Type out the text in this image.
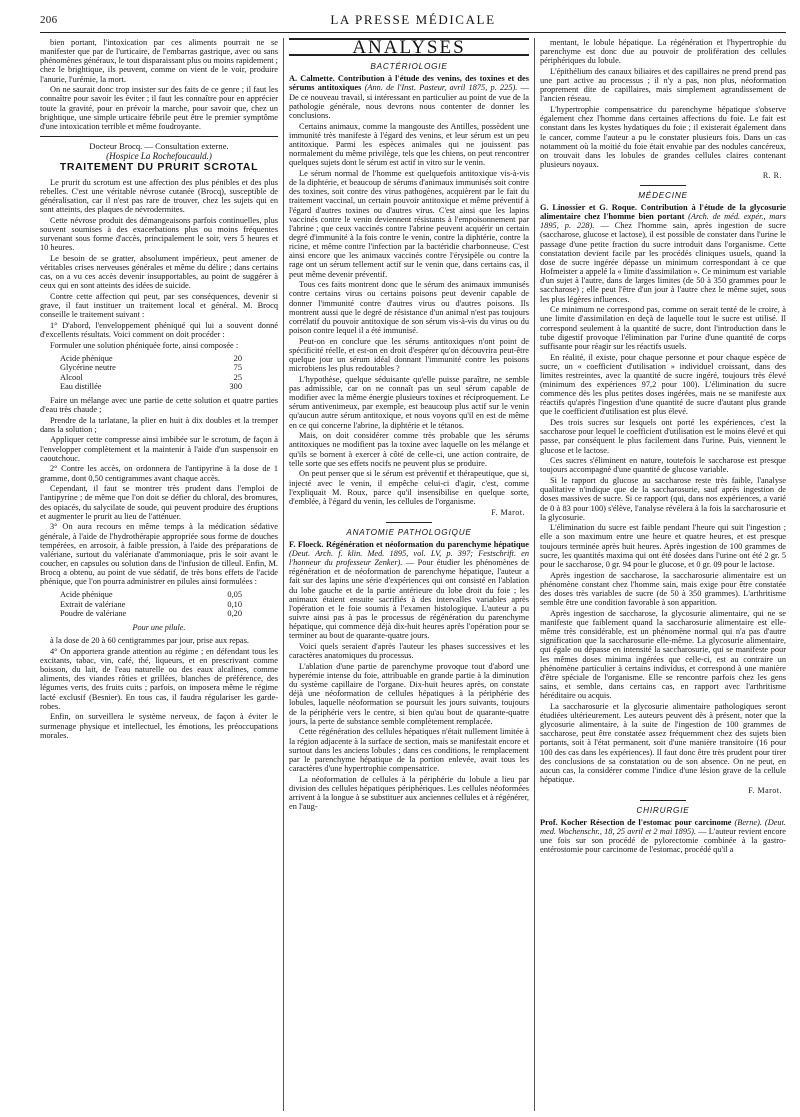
206	LA PRESSE MÉDICALE

bien portant, l'intoxication par ces aliments pourrait ne se manifester que par de l'urticaire, de l'embarras gastrique, avec ou sans phénomènes généraux, le tout disparaissant plus ou moins rapidement ; chez le brightique, ils peuvent, comme on vient de le voir, produire l'anurie, l'urémie, la mort.

On ne saurait donc trop insister sur des faits de ce genre ; il faut les connaître pour savoir les éviter ; il faut les connaître pour en apprécier toute la gravité, pour en prévoir la marche, pour savoir que, chez un brightique, une simple urticaire fébrile peut être le premier symptôme d'une intoxication terrible et même foudroyante.

Docteur Brocq. — Consultation externe.
(Hospice La Rochefoucauld.)
TRAITEMENT DU PRURIT SCROTAL

Le prurit du scrotum est une affection des plus pénibles et des plus rebelles. C'est une véritable névrose cutanée (Brocq), susceptible de généralisation, car il n'est pas rare de trouver, chez les sujets qui en sont atteints, des plaques de névrodermites.

Cette névrose produit des démangeaisons parfois continuelles, plus souvent soumises à des exacerbations plus ou moins fréquentes survenant sous forme d'accès, principalement le soir, vers 5 heures et 10 heures.

Le besoin de se gratter, absolument impérieux, peut amener de véritables crises nerveuses générales et même du délire ; dans certains cas, on a vu ces accès devenir insupportables, au point de suggérer à ceux qui en sont atteints des idées de suicide.

Contre cette affection qui peut, par ses conséquences, devenir si grave, il faut instituer un traitement local et général. M. Brocq conseille le traitement suivant :

1° D'abord, l'enveloppement phéniqué qui lui a souvent donné d'excellents résultats. Voici comment on doit procéder :

Formuler une solution phéniquée forte, ainsi composée :

Acide phénique	20
Glycérine neutre	75
Alcool	25
Eau distillée	300

Faire un mélange avec une partie de cette solution et quatre parties d'eau très chaude ;

Prendre de la tarlatane, la plier en huit à dix doubles et la tremper dans la solution ;

Appliquer cette compresse ainsi imbibée sur le scrotum, de façon à l'envelopper complètement et la maintenir à l'aide d'un suspensoir en caoutchouc.

2° Contre les accès, on ordonnera de l'antipyrine à la dose de 1 gramme, dont 0,50 centigrammes avant chaque accès.

Cependant, il faut se montrer très prudent dans l'emploi de l'antipyrine ; de même que l'on doit se défier du chloral, des bromures, des opiacés, du salycilate de soude, qui peuvent produire des éruptions et augmenter le prurit au lieu de l'atténuer.

3° On aura recours en même temps à la médication sédative générale, à l'aide de l'hydrothérapie appropriée sous forme de douches tempérées, en arrosoir, à faible pression, à l'aide des préparations de valériane, surtout du valérianate d'ammoniaque, pris le soir avant le coucher, en capsules ou solution dans de l'infusion de tilleul. Enfin, M. Brocq a obtenu, au point de vue sédatif, de très bons effets de l'acide phénique, que l'on pourra administrer en pilules ainsi formulées :

Acide phénique	0,05
Extrait de valériane	0,10
Poudre de valériane	0,20
Pour une pilule.

à la dose de 20 à 60 centigrammes par jour, prise aux repas.

4° On apportera grande attention au régime ; en défendant tous les excitants, tabac, vin, café, thé, liqueurs, et en prescrivant comme boisson, du lait, de l'eau naturelle ou des eaux alcalines, comme aliments, des viandes rôties et grillées, blanches de préférence, des légumes verts, des fruits cuits ; parfois, on imposera même le régime lacté exclusif (Besnier). En tous cas, il faudra régulariser les garde-robes.

Enfin, on surveillera le système nerveux, de façon à éviter le surmenage physique et intellectuel, les émotions, les préoccupations morales.

ANALYSES
BACTÉRIOLOGIE

A. Calmette. Contribution à l'étude des venins, des toxines et des sérums antitoxiques (Ann. de l'Inst. Pasteur, avril 1875, p. 225). — De ce nouveau travail, si intéressant en particulier au point de vue de la pathologie générale, nous devrons nous contenter de donner les conclusions.

Certains animaux, comme la mangouste des Antilles, possèdent une immunité très manifeste à l'égard des venins, et leur sérum est un peu antitoxique. Parmi les espèces animales qui ne jouissent pas normalement du même privilège, tels que les chiens, on peut rencontrer quelques sujets dont le sérum est actif in vitro sur le venin.

Le sérum normal de l'homme est quelquefois antitoxique vis-à-vis de la diphtérie, et beaucoup de sérums d'animaux immunisés soit contre des toxines, soit contre des virus pathogènes, acquièrent par le fait du traitement vaccinal, un certain pouvoir antitoxique et même préventif à l'égard d'autres toxines ou d'autres virus. C'est ainsi que les lapins vaccinés contre le venin deviennent résistants à l'empoisonnement par l'abrine ; que ceux vaccinés contre l'abrine peuvent acquérir un certain degré d'immunité à la fois contre le venin, contre la diphtérie, contre la ricine, et même contre l'infection par la bactéridie charbonneuse. C'est ainsi encore que les animaux vaccinés contre l'érysipèle ou contre la rage ont un sérum tellement actif sur le venin que, dans certains cas, il peut même devenir préventif.

Tous ces faits montrent donc que le sérum des animaux immunisés contre certains virus ou certains poisons peut devenir capable de donner l'immunité contre d'autres virus ou d'autres poisons. Ils montrent aussi que le degré de résistance d'un animal n'est pas toujours corrélatif du pouvoir antitoxique de son sérum vis-à-vis du virus ou du poison contre lequel il a été immunisé.

Peut-on en conclure que les sérums antitoxiques n'ont point de spécificité réelle, et est-on en droit d'espérer qu'on découvrira peut-être quelque jour un sérum idéal donnant l'immunité contre les poisons microbiens les plus redoutables ?

L'hypothèse, quelque séduisante qu'elle puisse paraître, ne semble pas admissible, car on ne connaît pas un seul sérum capable de modifier avec la même énergie plusieurs toxines et réciproquement. Le sérum antivenimeux, par exemple, est beaucoup plus actif sur le venin qu'aucun autre sérum antitoxique, et nous voyons qu'il en est de même en ce qui concerne l'abrine, la diphtérie et le tétanos.

Mais, on doit considérer comme très probable que les sérums antitoxiques ne modifient pas la toxine avec laquelle on les mélange et qu'ils se bornent à exercer à côté de celle-ci, une action contraire, de telle sorte que ses effets nocifs ne peuvent plus se produire.

On peut penser que si le sérum est préventif et thérapeutique, que si, injecté avec le venin, il empêche celui-ci d'agir, c'est, comme l'expliquait M. Roux, parce qu'il insensibilise en quelque sorte, d'emblée, à l'égard du venin, les cellules de l'organisme.

F. Marot.
ANATOMIE PATHOLOGIQUE

F. Floeck. Régénération et néoformation du parenchyme hépatique (Deut. Arch. f. klin. Med. 1895, vol. LV, p. 397; Festschrift. en l'honneur du professeur Zenker). — Pour étudier les phénomènes de régénération et de néoformation de parenchyme hépatique, l'auteur a fait sur des lapins une série d'expériences qui ont consisté en l'ablation du lobe gauche et de la partie antérieure du lobe droit du foie ; les animaux étaient ensuite sacrifiés à des intervalles variables après l'opération et le foie soumis à l'examen histologique. L'auteur a pu suivre ainsi pas à pas le processus de régénération du parenchyme hépatique, qui commence déjà dix-huit heures après l'opération pour se terminer au bout de quarante-quatre jours.

Voici quels seraient d'après l'auteur les phases successives et les caractères anatomiques du processus.

L'ablation d'une partie de parenchyme provoque tout d'abord une hyperémie intense du foie, attribuable en grande partie à la diminution du système capillaire de l'organe. Dix-huit heures après, on constate déjà une néoformation de cellules hépatiques à la périphérie des lobules, laquelle néoformation se poursuit les jours suivants, toujours de la périphérie vers le centre, si bien qu'au bout de quarante-quatre jours, la perte de substance semble complètement remplacée.

Cette régénération des cellules hépatiques n'était nullement limitée à la région adjacente à la surface de section, mais se manifestait encore et surtout dans les anciens lobules ; dans ces conditions, le remplacement par le parenchyme hépatique de la portion enlevée, avait tous les caractères d'une hypertrophie compensatrice.

La néoformation de cellules à la périphérie du lobule a lieu par division des cellules hépatiques périphériques. Les cellules néoformées arrivent à la longue à se substituer aux anciennes cellules et à régénérer, en l'aug-

mentant, le lobule hépatique. La régénération et l'hypertrophie du parenchyme est donc due au pouvoir de prolifération des cellules périphériques du lobule.

L'épithélium des canaux biliaires et des capillaires ne prend prend pas une part active au processus ; il n'y a pas, non plus, néoformation proprement dite de capillaires, mais simplement agrandissement de l'ancien réseau.

L'hypertrophie compensatrice du parenchyme hépatique s'observe également chez l'homme dans certaines affections du foie. Le fait est constant dans les kystes hydatiques du foie ; il existerait également dans le cancer, comme l'auteur a pu le constater plusieurs fois. Dans un cas notamment où la moitié du foie était envahie par des nodules cancéreux, on trouvait dans les lobules de grandes cellules claires contenant plusieurs noyaux.

R. R.
MÉDECINE

G. Linossier et G. Roque. Contribution à l'étude de la glycosurie alimentaire chez l'homme bien portant (Arch. de méd. expér., mars 1895, p. 228). — Chez l'homme sain, après ingestion de sucre (saccharose, glucose et lactose), il est possible de constater dans l'urine le passage d'une petite fraction du sucre introduit dans l'organisme. Cette constatation devient facile par les procédés cliniques usuels, quand la dose de sucre ingérée dépasse un minimum correspondant à ce que Hofmeister a appelé la « limite d'assimilation ». Ce minimum est variable d'un sujet à l'autre, dans de larges limites (de 50 à 350 grammes pour le saccharose) ; elle peut l'être d'un jour à l'autre chez le même sujet, sous les plus légères influences.

Ce minimum ne correspond pas, comme on serait tenté de le croire, à une limite d'assimilation en deçà de laquelle tout le sucre est utilisé. Il correspond seulement à la quantité de sucre, dont l'introduction dans le tube digestif provoque l'élimination par l'urine d'une quantité de corps suffisante pour réagir sur les réactifs usuels.

En réalité, il existe, pour chaque personne et pour chaque espèce de sucre, un « coefficient d'utilisation » individuel croissant, dans des limites restreintes, avec la quantité de sucre ingéré, toujours très élevé (minimum des expériences 97,2 pour 100). L'élimination du sucre commence dès les plus petites doses ingérées, mais ne se manifeste aux réactifs qu'après l'ingestion d'une quantité de sucre d'autant plus grande que le coefficient d'utilisation est plus élevé.

Des trois sucres sur lesquels ont porté les expériences, c'est la saccharose pour lequel le coefficient d'utilisation est le moins élevé et qui passe, par conséquent le plus facilement dans l'urine. Puis, viennent le glucose et le lactose.

Ces sucres s'éliminent en nature, toutefois le saccharose est presque toujours accompagné d'une quantité de glucose variable.

Si le rapport du glucose au saccharose reste très faible, l'analyse qualitative n'indique que de la saccharosurie, sauf après ingestion de doses massives de sucre. Si ce rapport (qui, dans nos expériences, a varié de 0 à 83 pour 100) s'élève, l'analyse révélera à la fois la saccharosurie et la glycosurie.

L'élimination du sucre est faible pendant l'heure qui suit l'ingestion ; elle a son maximum entre une heure et quatre heures, et est presque toujours terminée après huit heures. Après ingestion de 100 grammes de sucre, les quantités maxima qui ont été dosées dans l'urine ont été 2 gr. 5 pour le saccharose, 0 gr. 94 pour le glucose, et 0 gr. 09 pour le lactose.

Après ingestion de saccharose, la saccharosurie alimentaire est un phénomène constant chez l'homme sain, mais exige pour être constatée des doses très variables de sucre (de 50 à 350 grammes). L'arthritisme semble être une condition favorable à son apparition.

Après ingestion de saccharose, la glycosurie alimentaire, qui ne se manifeste que faiblement quand la saccharosurie alimentaire est elle-même très considérable, est un phénomène normal qui n'a pas d'autre signification que la saccharosurie elle-même. La glycosurie alimentaire, qui égale ou dépasse en intensité la saccharosurie, qui se manifeste pour les mêmes doses minima ingérées que celle-ci, est au contraire un phénomène particulier à certains individus, et correspond à une manière d'être spéciale de l'organisme. Elle se rencontre parfois chez les gens sains, et semble, dans certains cas, en rapport avec l'arthritisme héréditaire ou acquis.

La saccharosurie et la glycosurie alimentaire pathologiques seront étudiées ultérieurement. Les auteurs peuvent dès à présent, noter que la glycosurie alimentaire, à la suite de l'ingestion de 100 grammes de saccharose, peut être constatée assez fréquemment chez des sujets bien portants, soit à l'état permanent, soit d'une manière transitoire (16 pour 100 des cas dans les expériences). Il faut donc être très prudent pour tirer des conclusions de sa constatation ou de son absence. On ne peut, en aucun cas, la considérer comme l'indice d'une lésion grave de la cellule hépatique.

F. Marot.
CHIRURGIE

Prof. Kocher Résection de l'estomac pour carcinome (Berne). (Deut. med. Wochenschr., 18, 25 avril et 2 mai 1895). — L'auteur revient encore une fois sur son procédé de pylorectomie combinée à la gastro-entérostomie pour carcinome de l'estomac, procédé qu'il a
